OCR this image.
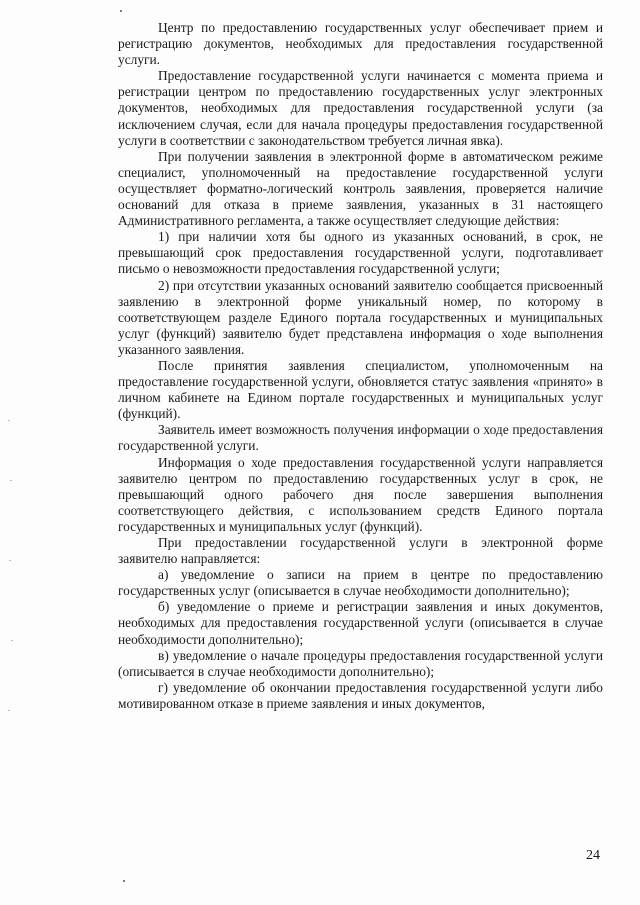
Центр по предоставлению государственных услуг обеспечивает прием и регистрацию документов, необходимых для предоставления государственной услуги.

Предоставление государственной услуги начинается с момента приема и регистрации центром по предоставлению государственных услуг электронных документов, необходимых для предоставления государственной услуги (за исключением случая, если для начала процедуры предоставления государственной услуги в соответствии с законодательством требуется личная явка).

При получении заявления в электронной форме в автоматическом режиме специалист, уполномоченный на предоставление государственной услуги осуществляет форматно-логический контроль заявления, проверяется наличие оснований для отказа в приеме заявления, указанных в 31 настоящего Административного регламента, а также осуществляет следующие действия:

1) при наличии хотя бы одного из указанных оснований, в срок, не превышающий срок предоставления государственной услуги, подготавливает письмо о невозможности предоставления государственной услуги;

2) при отсутствии указанных оснований заявителю сообщается присвоенный заявлению в электронной форме уникальный номер, по которому в соответствующем разделе Единого портала государственных и муниципальных услуг (функций) заявителю будет представлена информация о ходе выполнения указанного заявления.

После принятия заявления специалистом, уполномоченным на предоставление государственной услуги, обновляется статус заявления «принято» в личном кабинете на Едином портале государственных и муниципальных услуг (функций).

Заявитель имеет возможность получения информации о ходе предоставления государственной услуги.

Информация о ходе предоставления государственной услуги направляется заявителю центром по предоставлению государственных услуг в срок, не превышающий одного рабочего дня после завершения выполнения соответствующего действия, с использованием средств Единого портала государственных и муниципальных услуг (функций).

При предоставлении государственной услуги в электронной форме заявителю направляется:

а) уведомление о записи на прием в центре по предоставлению государственных услуг (описывается в случае необходимости дополнительно);

б) уведомление о приеме и регистрации заявления и иных документов, необходимых для предоставления государственной услуги (описывается в случае необходимости дополнительно);

в) уведомление о начале процедуры предоставления государственной услуги (описывается в случае необходимости дополнительно);

г) уведомление об окончании предоставления государственной услуги либо мотивированном отказе в приеме заявления и иных документов,

24
